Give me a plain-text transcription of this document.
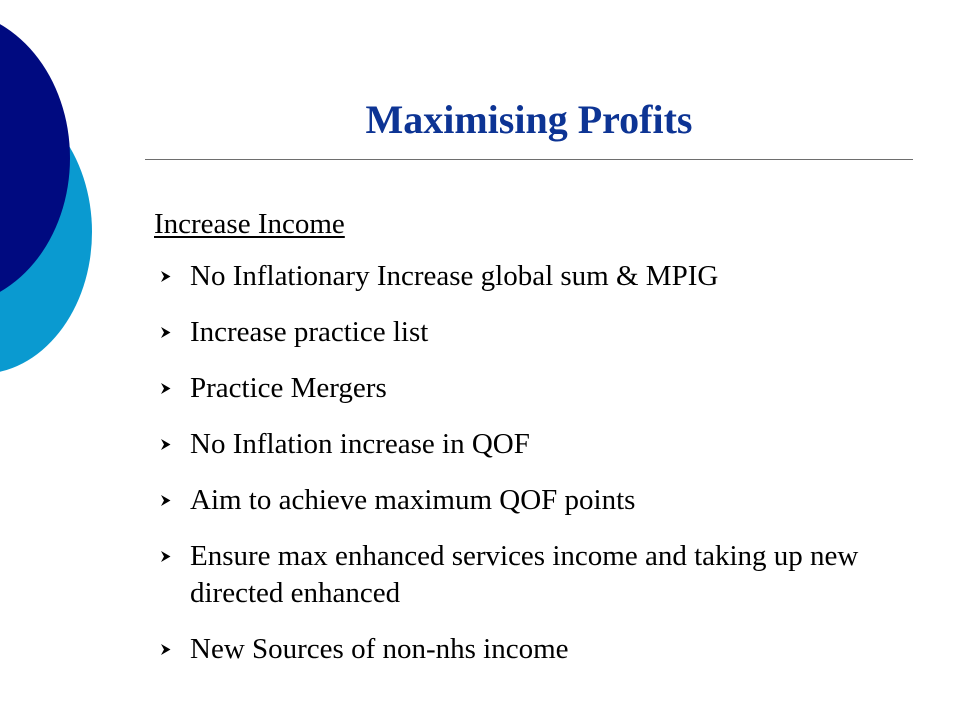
Maximising Profits
Increase Income
No Inflationary Increase global sum & MPIG
Increase practice list
Practice Mergers
No Inflation increase in QOF
Aim to achieve maximum QOF points
Ensure max enhanced services income and taking up new directed enhanced
New Sources of non-nhs income
